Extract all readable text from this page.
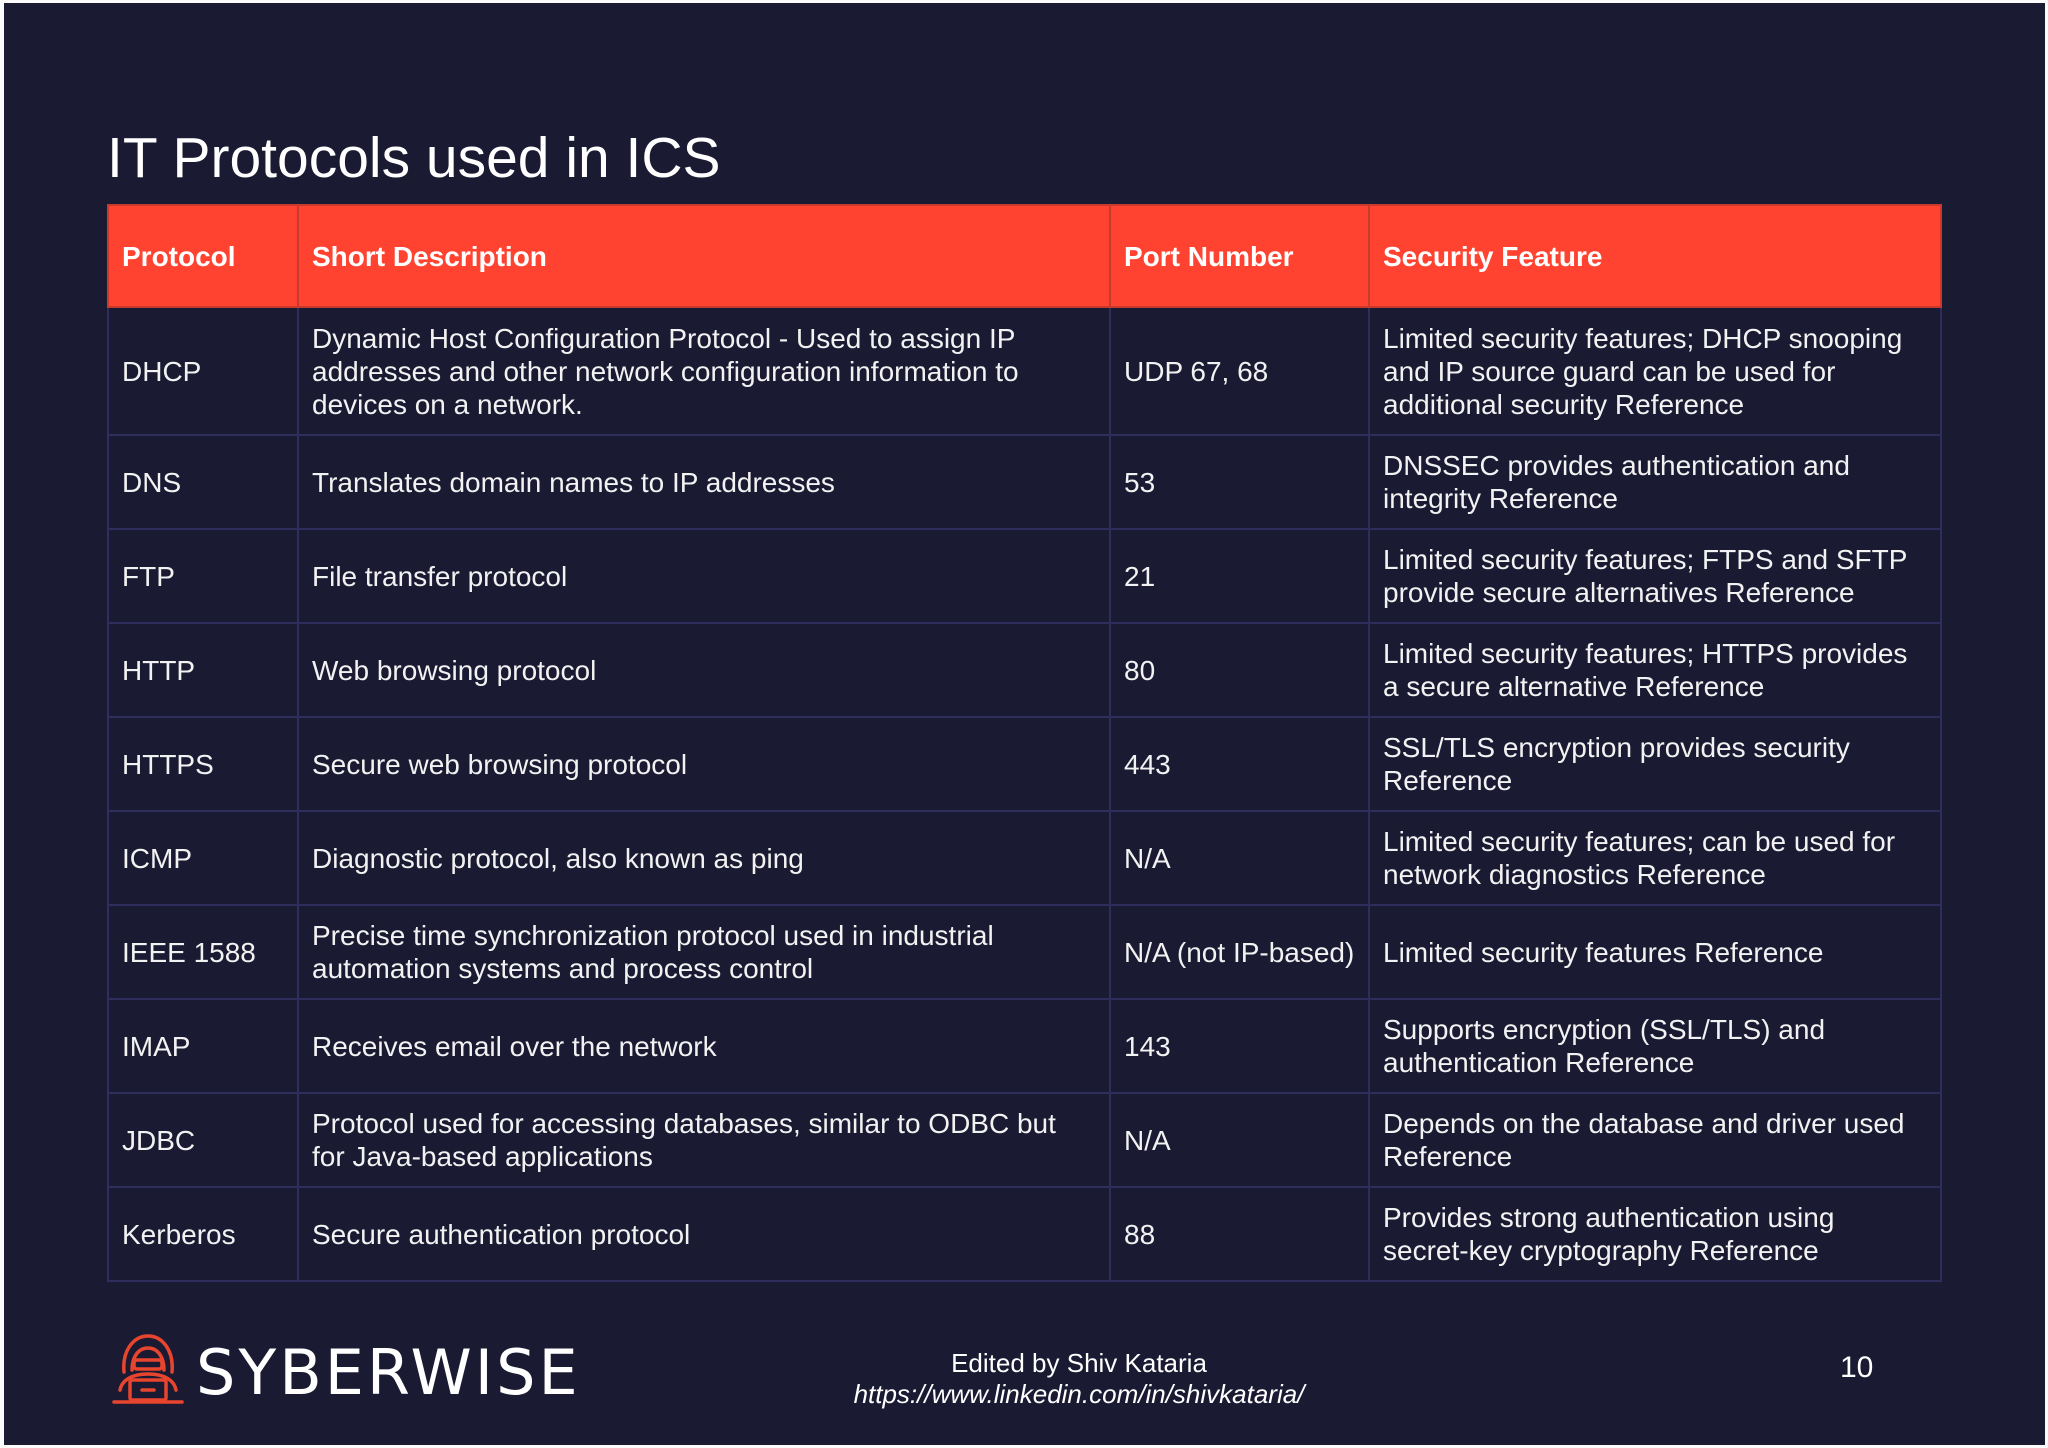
IT Protocols used in ICS
Protocol	Short Description	Port Number	Security Feature
DHCP	Dynamic Host Configuration Protocol - Used to assign IP addresses and other network configuration information to devices on a network.	UDP 67, 68	Limited security features; DHCP snooping and IP source guard can be used for additional security Reference
DNS	Translates domain names to IP addresses	53	DNSSEC provides authentication and integrity Reference
FTP	File transfer protocol	21	Limited security features; FTPS and SFTP provide secure alternatives Reference
HTTP	Web browsing protocol	80	Limited security features; HTTPS provides a secure alternative Reference
HTTPS	Secure web browsing protocol	443	SSL/TLS encryption provides security Reference
ICMP	Diagnostic protocol, also known as ping	N/A	Limited security features; can be used for network diagnostics Reference
IEEE 1588	Precise time synchronization protocol used in industrial automation systems and process control	N/A (not IP-based)	Limited security features Reference
IMAP	Receives email over the network	143	Supports encryption (SSL/TLS) and authentication Reference
JDBC	Protocol used for accessing databases, similar to ODBC but for Java-based applications	N/A	Depends on the database and driver used Reference
Kerberos	Secure authentication protocol	88	Provides strong authentication using secret-key cryptography Reference
SYBERWISE	Edited by Shiv Kataria
https://www.linkedin.com/in/shivkataria/
10
